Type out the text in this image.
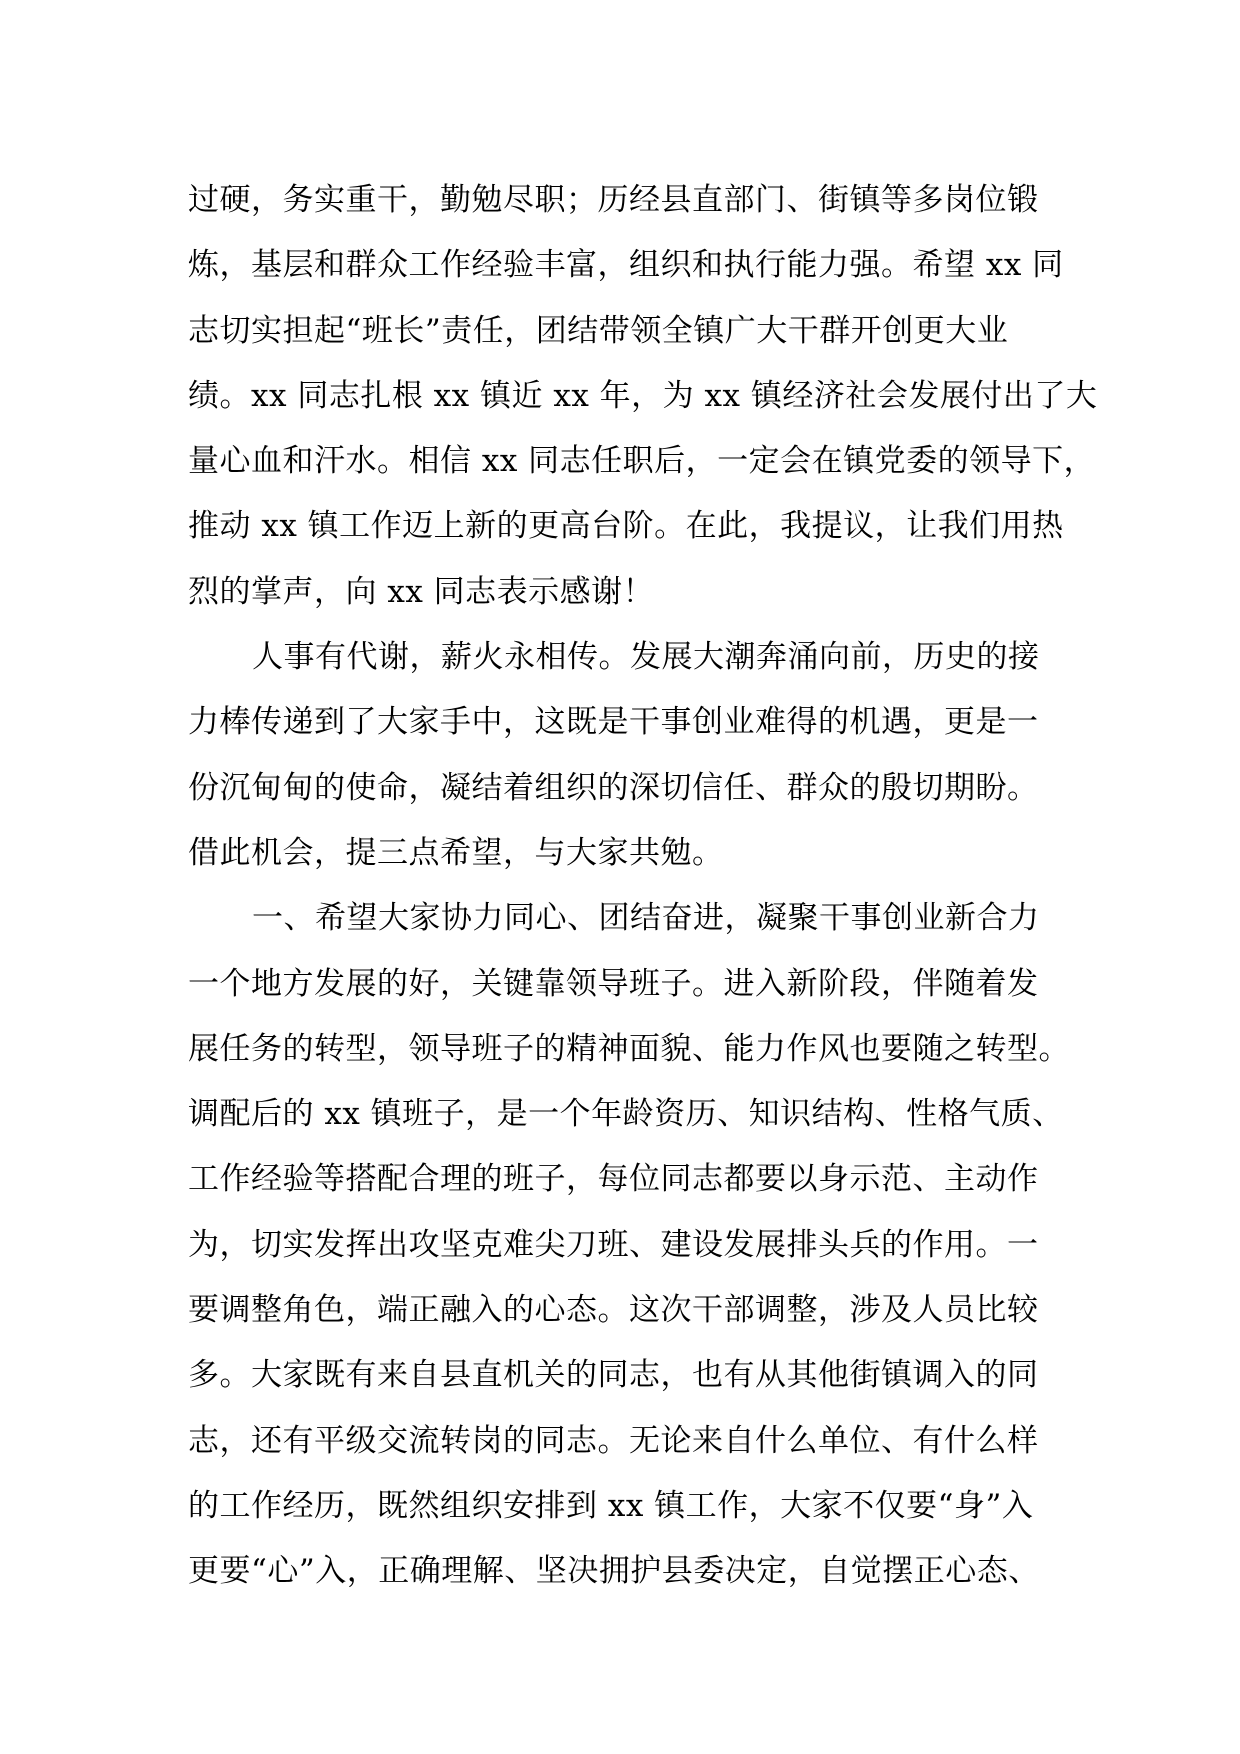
过硬，务实重干，勤勉尽职；历经县直部门、街镇等多岗位锻
炼，基层和群众工作经验丰富，组织和执行能力强。希望 xx 同
志切实担起“班长”责任，团结带领全镇广大干群开创更大业
绩。xx 同志扎根 xx 镇近 xx 年，为 xx 镇经济社会发展付出了大
量心血和汗水。相信 xx 同志任职后，一定会在镇党委的领导下，
推动 xx 镇工作迈上新的更高台阶。在此，我提议，让我们用热
烈的掌声，向 xx 同志表示感谢！
人事有代谢，薪火永相传。发展大潮奔涌向前，历史的接
力棒传递到了大家手中，这既是干事创业难得的机遇，更是一
份沉甸甸的使命，凝结着组织的深切信任、群众的殷切期盼。
借此机会，提三点希望，与大家共勉。
一、希望大家协力同心、团结奋进，凝聚干事创业新合力
一个地方发展的好，关键靠领导班子。进入新阶段，伴随着发
展任务的转型，领导班子的精神面貌、能力作风也要随之转型。
调配后的 xx 镇班子，是一个年龄资历、知识结构、性格气质、
工作经验等搭配合理的班子，每位同志都要以身示范、主动作
为，切实发挥出攻坚克难尖刀班、建设发展排头兵的作用。一
要调整角色，端正融入的心态。这次干部调整，涉及人员比较
多。大家既有来自县直机关的同志，也有从其他街镇调入的同
志，还有平级交流转岗的同志。无论来自什么单位、有什么样
的工作经历，既然组织安排到 xx 镇工作，大家不仅要“身”入
更要“心”入，正确理解、坚决拥护县委决定，自觉摆正心态、
